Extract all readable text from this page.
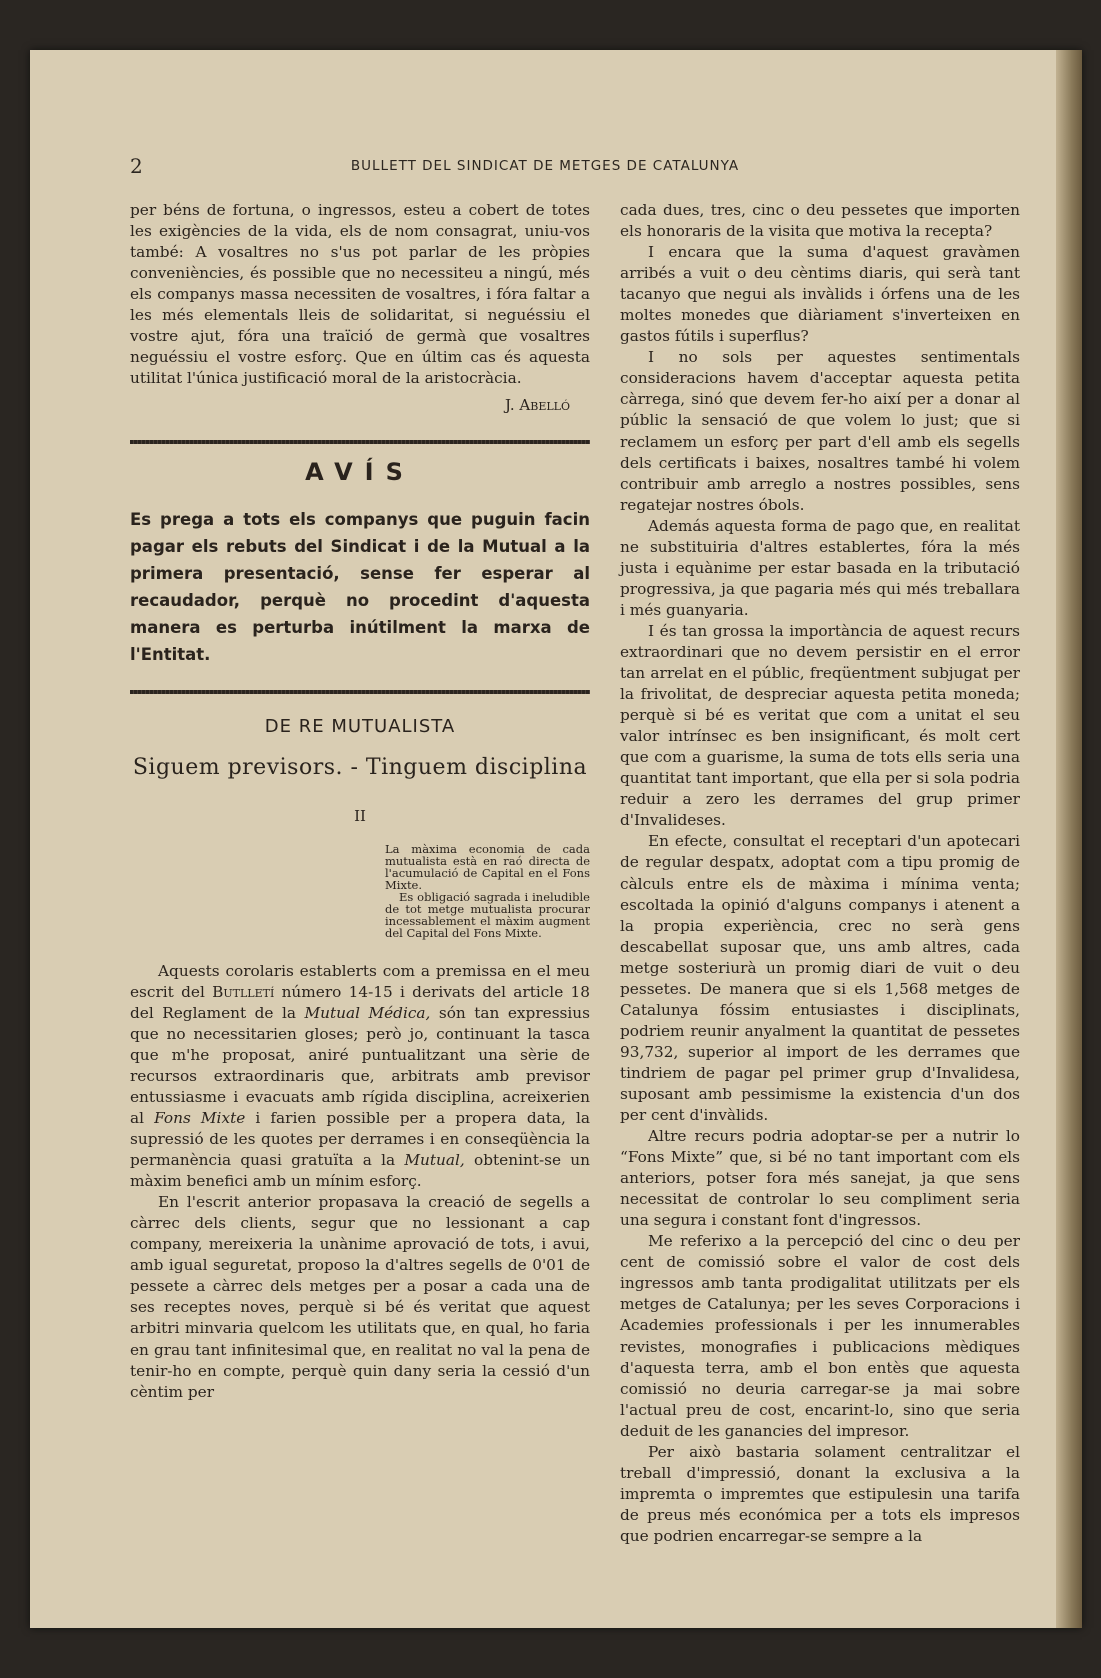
2	BULLETT DEL SINDICAT DE METGES DE CATALUNYA

per béns de fortuna, o ingressos, esteu a cobert de totes les exigències de la vida, els de nom consagrat, uniu-vos també: A vosaltres no s'us pot parlar de les pròpies conveniències, és possible que no necessiteu a ningú, més els companys massa necessiten de vosaltres, i fóra faltar a les més elementals lleis de solidaritat, si neguéssiu el vostre ajut, fóra una traïció de germà que vosaltres neguéssiu el vostre esforç. Que en últim cas és aquesta utilitat l'única justificació moral de la aristocràcia.

J. Abelló
AVÍS

Es prega a tots els companys que puguin facin pagar els rebuts del Sindicat i de la Mutual a la primera presentació, sense fer esperar al recaudador, perquè no procedint d'aquesta manera es perturba inútilment la marxa de l'Entitat.

DE RE MUTUALISTA
Siguem previsors. - Tinguem disciplina
II

La màxima economia de cada mutualista està en raó directa de l'acumulació de Capital en el Fons Mixte.

Es obligació sagrada i ineludible de tot metge mutualista procurar incessablement el màxim augment del Capital del Fons Mixte.

Aquests corolaris establerts com a premissa en el meu escrit del Butlletí número 14-15 i derivats del article 18 del Reglament de la Mutual Médica, són tan expressius que no necessitarien gloses; però jo, continuant la tasca que m'he proposat, aniré puntualitzant una sèrie de recursos extraordinaris que, arbitrats amb previsor entussiasme i evacuats amb rígida disciplina, acreixerien al Fons Mixte i farien possible per a propera data, la supressió de les quotes per derrames i en conseqüència la permanència quasi gratuïta a la Mutual, obtenint-se un màxim benefici amb un mínim esforç.

En l'escrit anterior propasava la creació de segells a càrrec dels clients, segur que no lessionant a cap company, mereixeria la unànime aprovació de tots, i avui, amb igual seguretat, proposo la d'altres segells de 0'01 de pessete a càrrec dels metges per a posar a cada una de ses receptes noves, perquè si bé és veritat que aquest arbitri minvaria quelcom les utilitats que, en qual, ho faria en grau tant infinitesimal que, en realitat no val la pena de tenir-ho en compte, perquè quin dany seria la cessió d'un cèntim per

cada dues, tres, cinc o deu pessetes que importen els honoraris de la visita que motiva la recepta?

I encara que la suma d'aquest gravàmen arribés a vuit o deu cèntims diaris, qui serà tant tacanyo que negui als invàlids i órfens una de les moltes monedes que diàriament s'inverteixen en gastos fútils i superflus?

I no sols per aquestes sentimentals consideracions havem d'acceptar aquesta petita càrrega, sinó que devem fer-ho així per a donar al públic la sensació de que volem lo just; que si reclamem un esforç per part d'ell amb els segells dels certificats i baixes, nosaltres també hi volem contribuir amb arreglo a nostres possibles, sens regatejar nostres óbols.

Además aquesta forma de pago que, en realitat ne substituiria d'altres establertes, fóra la més justa i equànime per estar basada en la tributació progressiva, ja que pagaria més qui més treballara i més guanyaria.

I és tan grossa la importància de aquest recurs extraordinari que no devem persistir en el error tan arrelat en el públic, freqüentment subjugat per la frivolitat, de despreciar aquesta petita moneda; perquè si bé es veritat que com a unitat el seu valor intrínsec es ben insignificant, és molt cert que com a guarisme, la suma de tots ells seria una quantitat tant important, que ella per si sola podria reduir a zero les derrames del grup primer d'Invalideses.

En efecte, consultat el receptari d'un apotecari de regular despatx, adoptat com a tipu promig de càlculs entre els de màxima i mínima venta; escoltada la opinió d'alguns companys i atenent a la propia experiència, crec no serà gens descabellat suposar que, uns amb altres, cada metge sosteriurà un promig diari de vuit o deu pessetes. De manera que si els 1,568 metges de Catalunya fóssim entusiastes i disciplinats, podriem reunir anyalment la quantitat de pessetes 93,732, superior al import de les derrames que tindriem de pagar pel primer grup d'Invalidesa, suposant amb pessimisme la existencia d'un dos per cent d'invàlids.

Altre recurs podria adoptar-se per a nutrir lo “Fons Mixte” que, si bé no tant important com els anteriors, potser fora més sanejat, ja que sens necessitat de controlar lo seu compliment seria una segura i constant font d'ingressos.

Me referixo a la percepció del cinc o deu per cent de comissió sobre el valor de cost dels ingressos amb tanta prodigalitat utilitzats per els metges de Catalunya; per les seves Corporacions i Academies professionals i per les innumerables revistes, monografies i publicacions mèdiques d'aquesta terra, amb el bon entès que aquesta comissió no deuria carregar-se ja mai sobre l'actual preu de cost, encarint-lo, sino que seria deduit de les ganancies del impresor.

Per això bastaria solament centralitzar el treball d'impressió, donant la exclusiva a la impremta o impremtes que estipulesin una tarifa de preus més económica per a tots els impresos que podrien encarregar-se sempre a la
